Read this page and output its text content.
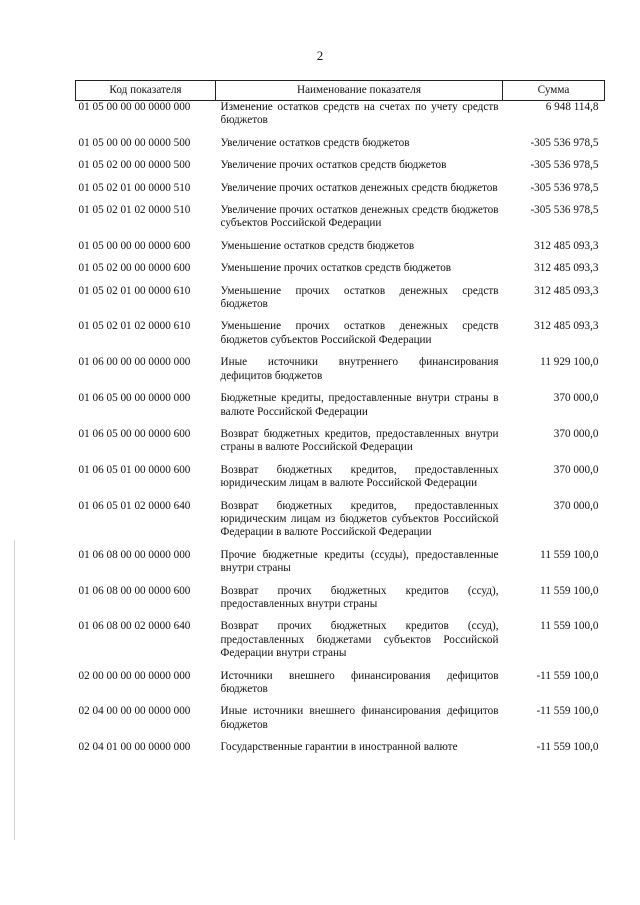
2
Код показателя	Наименование показателя	Сумма
01 05 00 00 00 0000 000	Изменение остатков средств на счетах по учету средств бюджетов	6 948 114,8

01 05 00 00 00 0000 500	Увеличение остатков средств бюджетов	-305 536 978,5

01 05 02 00 00 0000 500	Увеличение прочих остатков средств бюджетов	-305 536 978,5

01 05 02 01 00 0000 510	Увеличение прочих остатков денежных средств бюджетов	-305 536 978,5

01 05 02 01 02 0000 510	Увеличение прочих остатков денежных средств бюджетов субъектов Российской Федерации	-305 536 978,5

01 05 00 00 00 0000 600	Уменьшение остатков средств бюджетов	312 485 093,3

01 05 02 00 00 0000 600	Уменьшение прочих остатков средств бюджетов	312 485 093,3

01 05 02 01 00 0000 610	Уменьшение прочих остатков денежных средств бюджетов	312 485 093,3

01 05 02 01 02 0000 610	Уменьшение прочих остатков денежных средств бюджетов субъектов Российской Федерации	312 485 093,3

01 06 00 00 00 0000 000	Иные источники внутреннего финансирования дефицитов бюджетов	11 929 100,0

01 06 05 00 00 0000 000	Бюджетные кредиты, предоставленные внутри страны в валюте Российской Федерации	370 000,0

01 06 05 00 00 0000 600	Возврат бюджетных кредитов, предоставленных внутри страны в валюте Российской Федерации	370 000,0

01 06 05 01 00 0000 600	Возврат бюджетных кредитов, предоставленных юридическим лицам в валюте Российской Федерации	370 000,0

01 06 05 01 02 0000 640	Возврат бюджетных кредитов, предоставленных юридическим лицам из бюджетов субъектов Российской Федерации в валюте Российской Федерации	370 000,0

01 06 08 00 00 0000 000	Прочие бюджетные кредиты (ссуды), предоставленные внутри страны	11 559 100,0

01 06 08 00 00 0000 600	Возврат прочих бюджетных кредитов (ссуд), предоставленных внутри страны	11 559 100,0

01 06 08 00 02 0000 640	Возврат прочих бюджетных кредитов (ссуд), предоставленных бюджетами субъектов Российской Федерации внутри страны	11 559 100,0

02 00 00 00 00 0000 000	Источники внешнего финансирования дефицитов бюджетов	-11 559 100,0

02 04 00 00 00 0000 000	Иные источники внешнего финансирования дефицитов бюджетов	-11 559 100,0

02 04 01 00 00 0000 000	Государственные гарантии в иностранной валюте	-11 559 100,0
